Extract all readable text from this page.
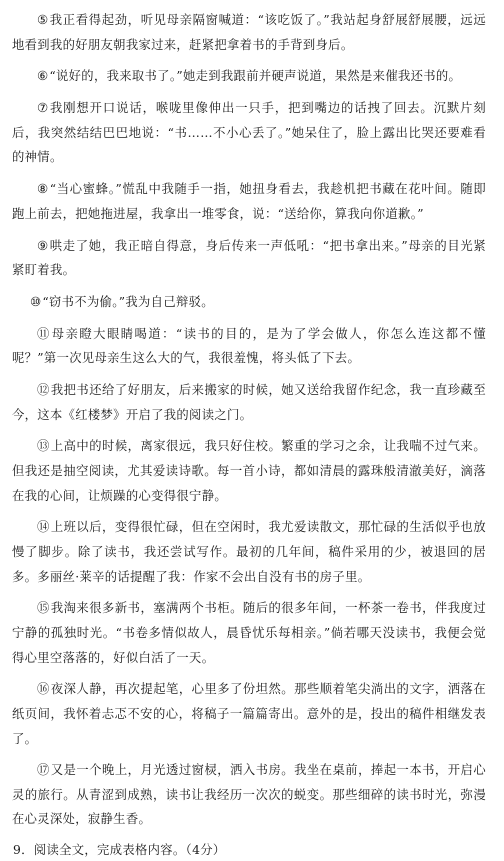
⑤我正看得起劲，听见母亲隔窗喊道：“该吃饭了。”我站起身舒展舒展腰，远远地看到我的好朋友朝我家过来，赶紧把拿着书的手背到身后。

⑥“说好的，我来取书了。”她走到我跟前并硬声说道，果然是来催我还书的。

⑦我刚想开口说话，喉咙里像伸出一只手，把到嘴边的话拽了回去。沉默片刻后，我突然结结巴巴地说：“书……不小心丢了。”她呆住了，脸上露出比哭还要难看的神情。

⑧“当心蜜蜂。”慌乱中我随手一指，她扭身看去，我趁机把书藏在花叶间。随即跑上前去，把她拖进屋，我拿出一堆零食，说：“送给你，算我向你道歉。”

⑨哄走了她，我正暗自得意，身后传来一声低吼：“把书拿出来。”母亲的目光紧紧盯着我。

⑩“窃书不为偷。”我为自己辩驳。

⑪母亲瞪大眼睛喝道：“读书的目的，是为了学会做人，你怎么连这都不懂呢？”第一次见母亲生这么大的气，我很羞愧，将头低了下去。

⑫我把书还给了好朋友，后来搬家的时候，她又送给我留作纪念，我一直珍藏至今，这本《红楼梦》开启了我的阅读之门。

⑬上高中的时候，离家很远，我只好住校。繁重的学习之余，让我喘不过气来。但我还是抽空阅读，尤其爱读诗歌。每一首小诗，都如清晨的露珠般清澈美好，滴落在我的心间，让烦躁的心变得很宁静。

⑭上班以后，变得很忙碌，但在空闲时，我尤爱读散文，那忙碌的生活似乎也放慢了脚步。除了读书，我还尝试写作。最初的几年间，稿件采用的少，被退回的居多。多丽丝·莱辛的话提醒了我：作家不会出自没有书的房子里。

⑮我淘来很多新书，塞满两个书柜。随后的很多年间，一杯茶一卷书，伴我度过宁静的孤独时光。“书卷多情似故人，晨昏忧乐每相亲。”倘若哪天没读书，我便会觉得心里空落落的，好似白活了一天。

⑯夜深人静，再次提起笔，心里多了份坦然。那些顺着笔尖淌出的文字，洒落在纸页间，我怀着忐忑不安的心，将稿子一篇篇寄出。意外的是，投出的稿件相继发表了。

⑰又是一个晚上，月光透过窗棂，洒入书房。我坐在桌前，捧起一本书，开启心灵的旅行。从青涩到成熟，读书让我经历一次次的蜕变。那些细碎的读书时光，弥漫在心灵深处，寂静生香。

9．阅读全文，完成表格内容。（4分）
